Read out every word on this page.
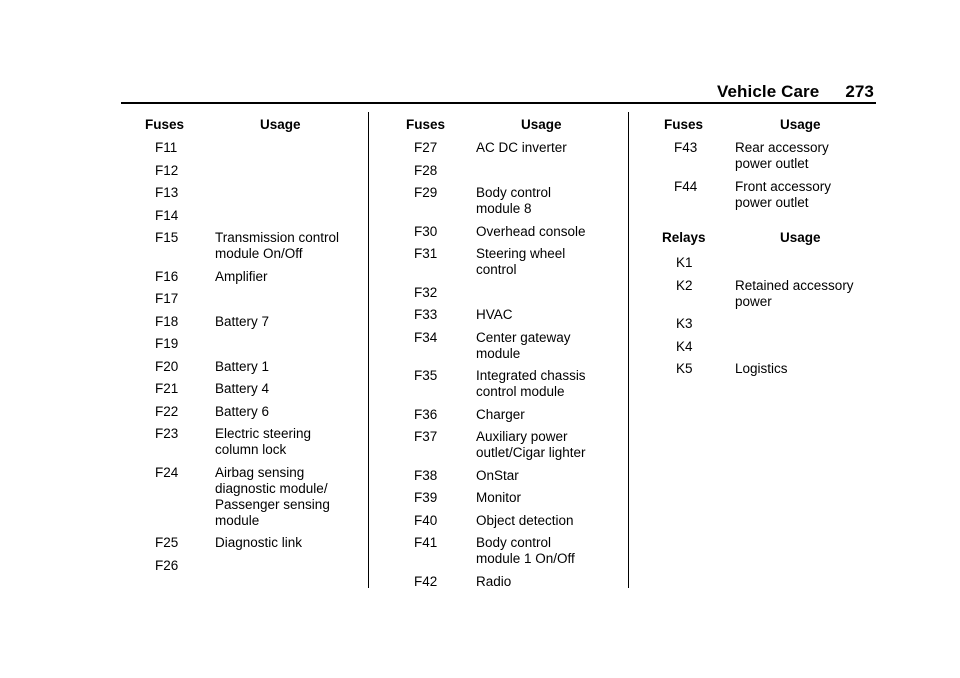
Vehicle Care 273
Fuses	Usage
F11
F12
F13
F14
F15	Transmission control
module On/Off
F16	Amplifier
F17
F18	Battery 7
F19
F20	Battery 1
F21	Battery 4
F22	Battery 6
F23	Electric steering
column lock
F24	Airbag sensing
diagnostic module/
Passenger sensing
module
F25	Diagnostic link
F26
Fuses	Usage
F27	AC DC inverter
F28
F29	Body control
module 8
F30	Overhead console
F31	Steering wheel
control
F32
F33	HVAC
F34	Center gateway
module
F35	Integrated chassis
control module
F36	Charger
F37	Auxiliary power
outlet/Cigar lighter
F38	OnStar
F39	Monitor
F40	Object detection
F41	Body control
module 1 On/Off
F42	Radio
Fuses	Usage
F43	Rear accessory
power outlet
F44	Front accessory
power outlet
Relays	Usage
K1
K2	Retained accessory
power
K3
K4
K5	Logistics
